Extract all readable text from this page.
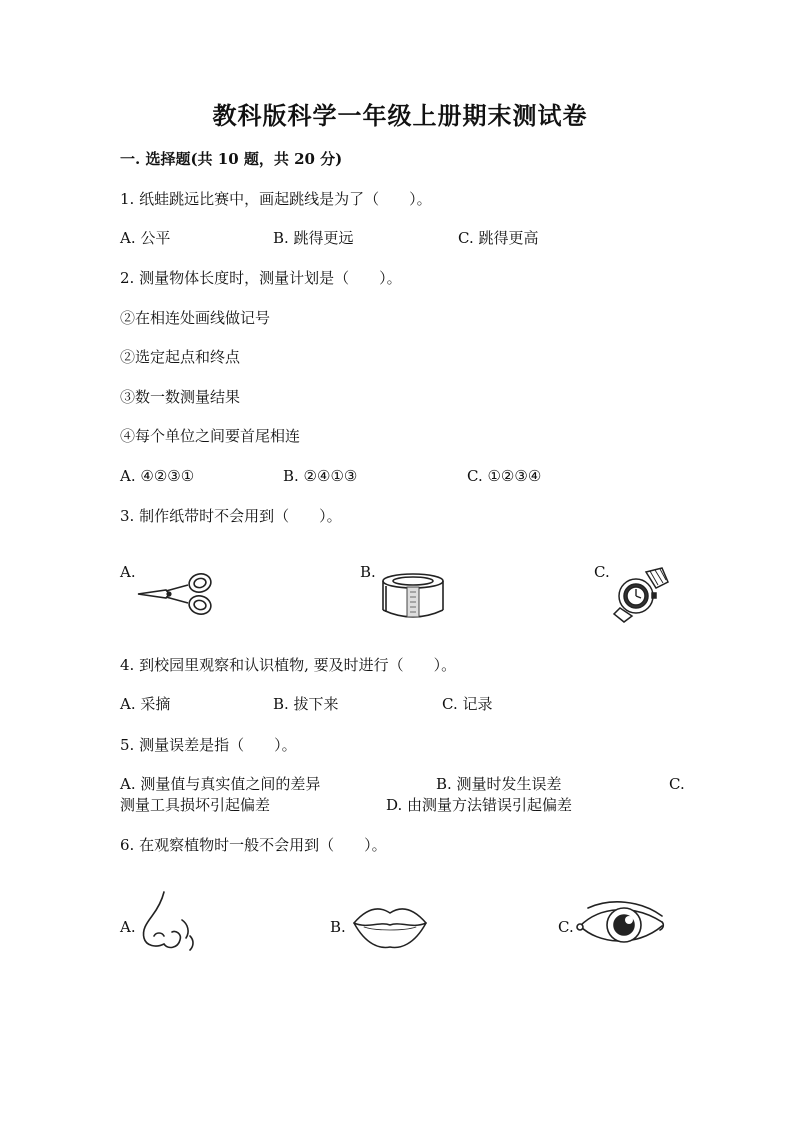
教科版科学一年级上册期末测试卷
一. 选择题(共 10 题，共 20 分)
1. 纸蛙跳远比赛中，画起跳线是为了（　　）。
A. 公平	B. 跳得更远	C. 跳得更高
2. 测量物体长度时，测量计划是（　　）。
②在相连处画线做记号
②选定起点和终点
③数一数测量结果
④每个单位之间要首尾相连
A. ④②③①	B. ②④①③	C. ①②③④
3. 制作纸带时不会用到（　　）。
A.	B.	C.
4. 到校园里观察和认识植物, 要及时进行（　　）。
A. 采摘	B. 拔下来	C. 记录
5. 测量误差是指（　　）。
A. 测量值与真实值之间的差异	B. 测量时发生误差	C.
测量工具损坏引起偏差	D. 由测量方法错误引起偏差
6. 在观察植物时一般不会用到（　　）。
A.	B.	C.
